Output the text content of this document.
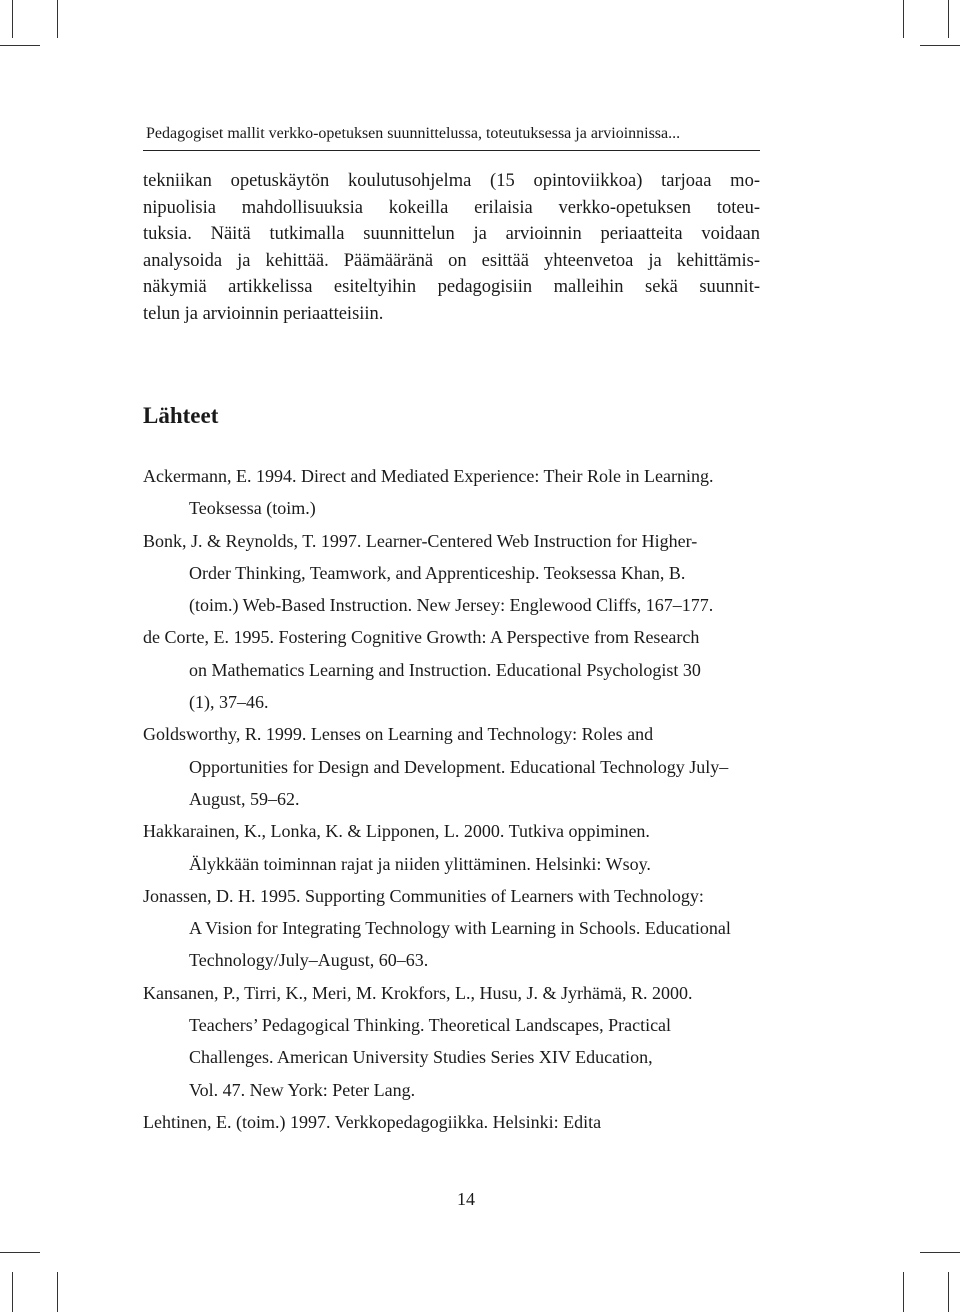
Pedagogiset mallit verkko-opetuksen suunnittelussa, toteutuksessa ja arvioinnissa...
tekniikan opetuskäytön koulutusohjelma (15 opintoviikkoa) tarjoaa mo-
nipuolisia mahdollisuuksia kokeilla erilaisia verkko-opetuksen toteu-
tuksia. Näitä tutkimalla suunnittelun ja arvioinnin periaatteita voidaan
analysoida ja kehittää. Päämääränä on esittää yhteenvetoa ja kehittämis-
näkymiä artikkelissa esiteltyihin pedagogisiin malleihin sekä suunnit-
telun ja arvioinnin periaatteisiin.
Lähteet
Ackermann, E. 1994. Direct and Mediated Experience: Their Role in Learning.
Teoksessa (toim.)
Bonk, J. & Reynolds, T. 1997. Learner-Centered Web Instruction for Higher-
Order Thinking, Teamwork, and Apprenticeship. Teoksessa Khan, B.
(toim.) Web-Based Instruction. New Jersey: Englewood Cliffs, 167–177.
de Corte, E. 1995. Fostering Cognitive Growth: A Perspective from Research
on Mathematics Learning and Instruction. Educational Psychologist 30
(1), 37–46.
Goldsworthy, R. 1999. Lenses on Learning and Technology: Roles and
Opportunities for Design and Development. Educational Technology July–
August, 59–62.
Hakkarainen, K., Lonka, K. & Lipponen, L. 2000. Tutkiva oppiminen.
Älykkään toiminnan rajat ja niiden ylittäminen. Helsinki: Wsoy.
Jonassen, D. H. 1995. Supporting Communities of Learners with Technology:
A Vision for Integrating Technology with Learning in Schools. Educational
Technology/July–August, 60–63.
Kansanen, P., Tirri, K., Meri, M. Krokfors, L., Husu, J. & Jyrhämä, R. 2000.
Teachers’ Pedagogical Thinking. Theoretical Landscapes, Practical
Challenges. American University Studies Series XIV Education,
Vol. 47. New York: Peter Lang.
Lehtinen, E. (toim.) 1997. Verkkopedagogiikka. Helsinki: Edita
14
